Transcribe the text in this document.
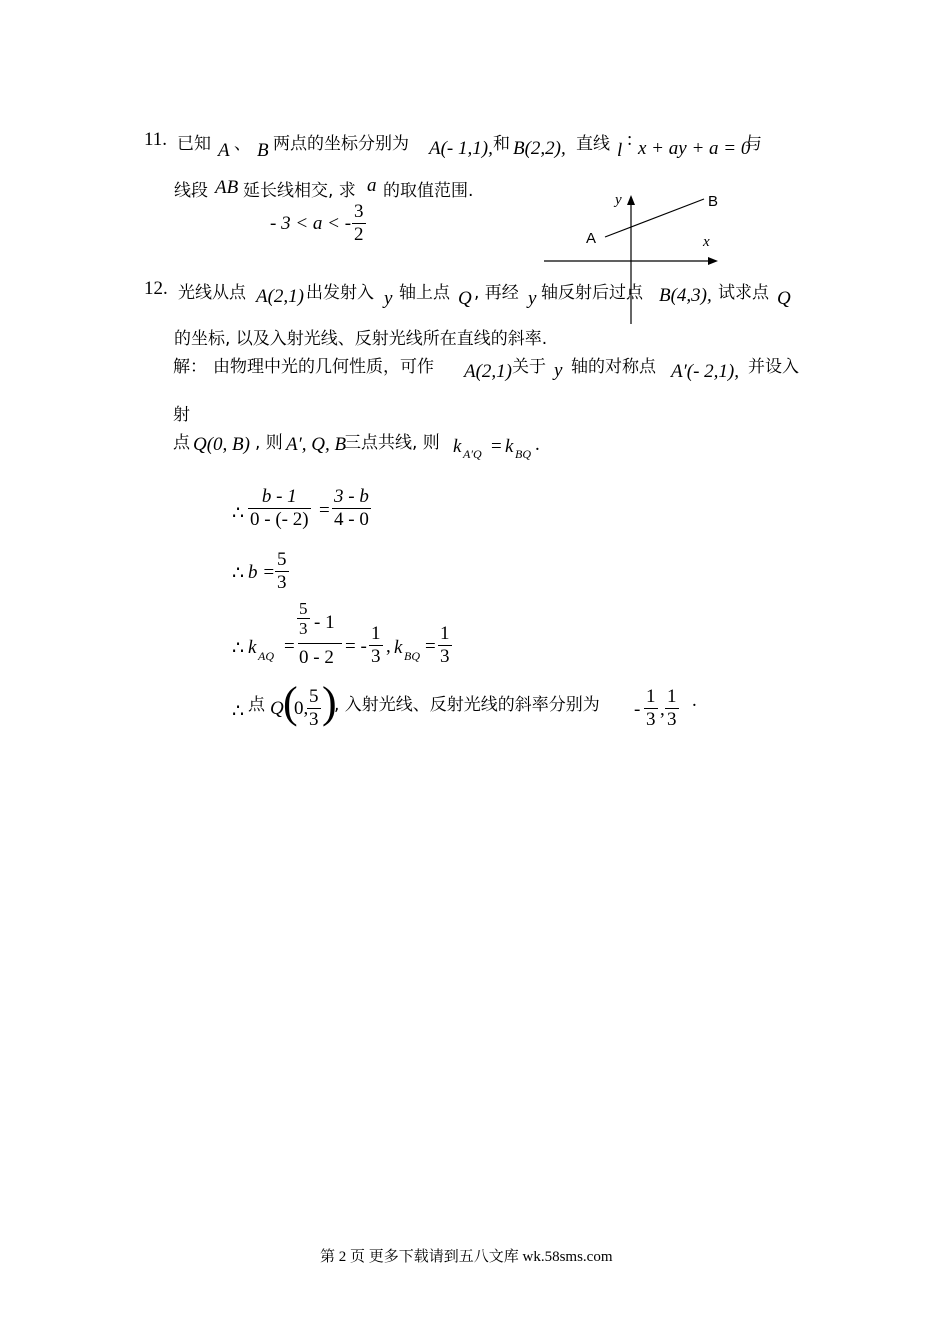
11. 已知 A 、 B 两点的坐标分别为 A(- 1,1), 和 B(2,2), 直线 l
: x + ay + a = 0
与
线段 AB 延长线相交, 求 a 的取值范围.
- 3 < a < -
3
2
y
x
A
B
12. 光线从点 A(2,1) 出发射入 y 轴上点 Q , 再经 y 轴反射后过点 B(4,3), 试求点 Q
的坐标, 以及入射光线、反射光线所在直线的斜率.
解： 由物理中光的几何性质，可作 A(2,1) 关于 y 轴的对称点 A′(- 2,1), 并设入
射
点 Q(0, B) , 则 A′, Q, B
三点共线, 则 k A′Q = k BQ .
∴
b - 1
0 - (- 2) =
3 - b
4 - 0
∴ b =
5
3
∴ k AQ =
5
3 - 1
0 - 2
= -
1
3 , k BQ =
1
3
∴ 点 Q (
0,
5
3 )
, 入射光线、反射光线的斜率分别为 -
1
3 ,
1
3
.
第 2 页 更多下载请到五八文库 wk.58sms.com
